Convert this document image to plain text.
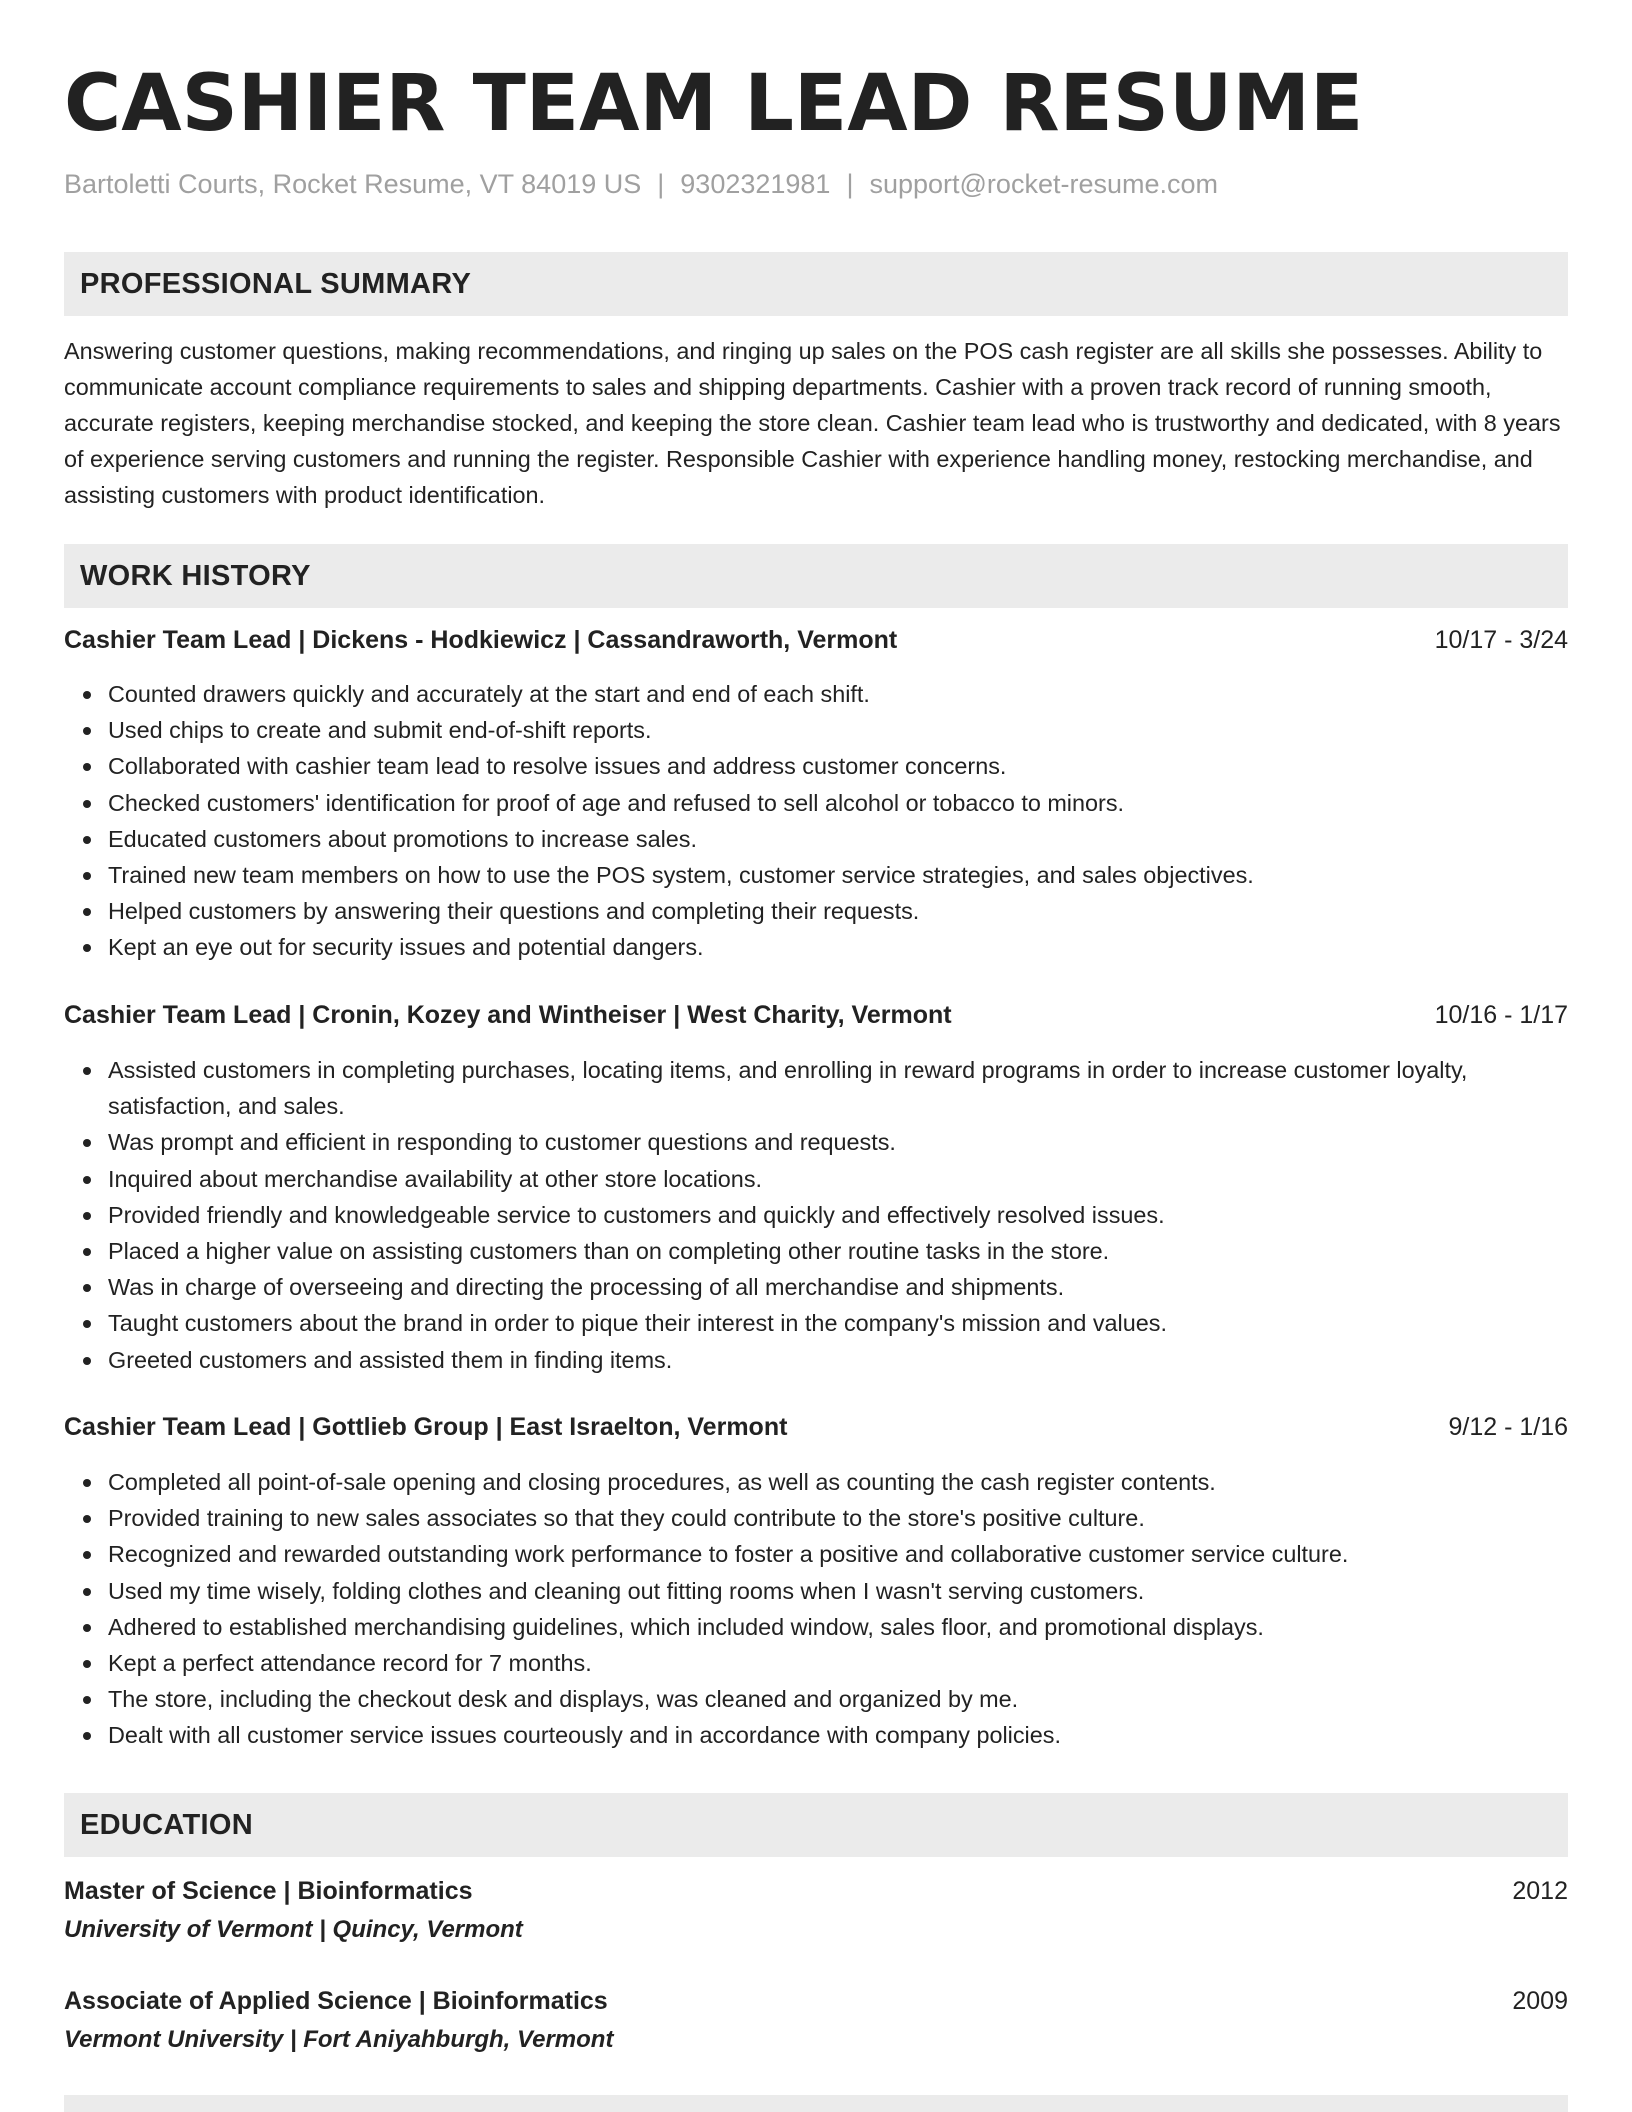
CASHIER TEAM LEAD RESUME
Bartoletti Courts, Rocket Resume, VT 84019 US | 9302321981 | support@rocket-resume.com
PROFESSIONAL SUMMARY

Answering customer questions, making recommendations, and ringing up sales on the POS cash register are all skills she possesses. Ability to communicate account compliance requirements to sales and shipping departments. Cashier with a proven track record of running smooth, accurate registers, keeping merchandise stocked, and keeping the store clean. Cashier team lead who is trustworthy and dedicated, with 8 years of experience serving customers and running the register. Responsible Cashier with experience handling money, restocking merchandise, and assisting customers with product identification.

WORK HISTORY
Cashier Team Lead | Dickens - Hodkiewicz | Cassandraworth, Vermont	10/17 - 3/24
Counted drawers quickly and accurately at the start and end of each shift.
Used chips to create and submit end-of-shift reports.
Collaborated with cashier team lead to resolve issues and address customer concerns.
Checked customers' identification for proof of age and refused to sell alcohol or tobacco to minors.
Educated customers about promotions to increase sales.
Trained new team members on how to use the POS system, customer service strategies, and sales objectives.
Helped customers by answering their questions and completing their requests.
Kept an eye out for security issues and potential dangers.
Cashier Team Lead | Cronin, Kozey and Wintheiser | West Charity, Vermont	10/16 - 1/17
Assisted customers in completing purchases, locating items, and enrolling in reward programs in order to increase customer loyalty, satisfaction, and sales.
Was prompt and efficient in responding to customer questions and requests.
Inquired about merchandise availability at other store locations.
Provided friendly and knowledgeable service to customers and quickly and effectively resolved issues.
Placed a higher value on assisting customers than on completing other routine tasks in the store.
Was in charge of overseeing and directing the processing of all merchandise and shipments.
Taught customers about the brand in order to pique their interest in the company's mission and values.
Greeted customers and assisted them in finding items.
Cashier Team Lead | Gottlieb Group | East Israelton, Vermont	9/12 - 1/16
Completed all point-of-sale opening and closing procedures, as well as counting the cash register contents.
Provided training to new sales associates so that they could contribute to the store's positive culture.
Recognized and rewarded outstanding work performance to foster a positive and collaborative customer service culture.
Used my time wisely, folding clothes and cleaning out fitting rooms when I wasn't serving customers.
Adhered to established merchandising guidelines, which included window, sales floor, and promotional displays.
Kept a perfect attendance record for 7 months.
The store, including the checkout desk and displays, was cleaned and organized by me.
Dealt with all customer service issues courteously and in accordance with company policies.
EDUCATION
Master of Science | Bioinformatics	2012
University of Vermont | Quincy, Vermont
Associate of Applied Science | Bioinformatics	2009
Vermont University | Fort Aniyahburgh, Vermont
